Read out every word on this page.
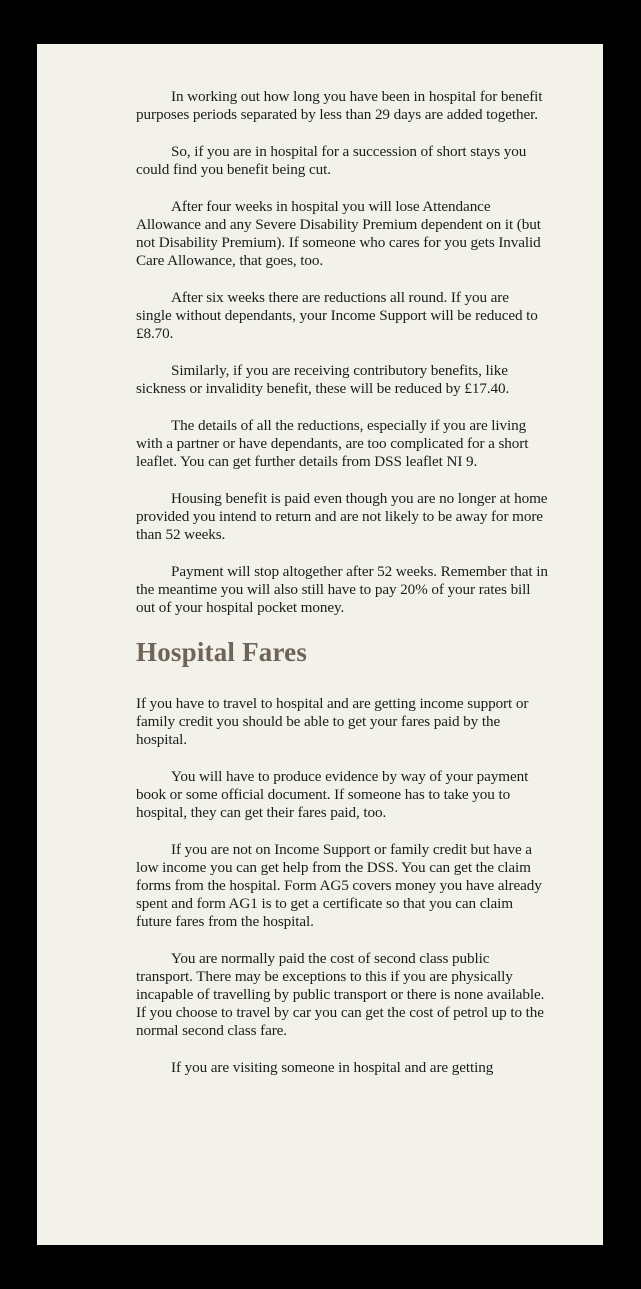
In working out how long you have been in hospital for benefit purposes periods separated by less than 29 days are added together.

So, if you are in hospital for a succession of short stays you could find you benefit being cut.

After four weeks in hospital you will lose Attendance Allowance and any Severe Disability Premium dependent on it (but not Disability Premium). If someone who cares for you gets Invalid Care Allowance, that goes, too.

After six weeks there are reductions all round. If you are single without dependants, your Income Support will be reduced to £8.70.

Similarly, if you are receiving contributory benefits, like sickness or invalidity benefit, these will be reduced by £17.40.

The details of all the reductions, especially if you are living with a partner or have dependants, are too complicated for a short leaflet. You can get further details from DSS leaflet NI 9.

Housing benefit is paid even though you are no longer at home provided you intend to return and are not likely to be away for more than 52 weeks.

Payment will stop altogether after 52 weeks. Remember that in the meantime you will also still have to pay 20% of your rates bill out of your hospital pocket money.

Hospital Fares

If you have to travel to hospital and are getting income support or family credit you should be able to get your fares paid by the hospital.

You will have to produce evidence by way of your payment book or some official document. If someone has to take you to hospital, they can get their fares paid, too.

If you are not on Income Support or family credit but have a low income you can get help from the DSS. You can get the claim forms from the hospital. Form AG5 covers money you have already spent and form AG1 is to get a certificate so that you can claim future fares from the hospital.

You are normally paid the cost of second class public transport. There may be exceptions to this if you are physically incapable of travelling by public transport or there is none available. If you choose to travel by car you can get the cost of petrol up to the normal second class fare.

If you are visiting someone in hospital and are getting
